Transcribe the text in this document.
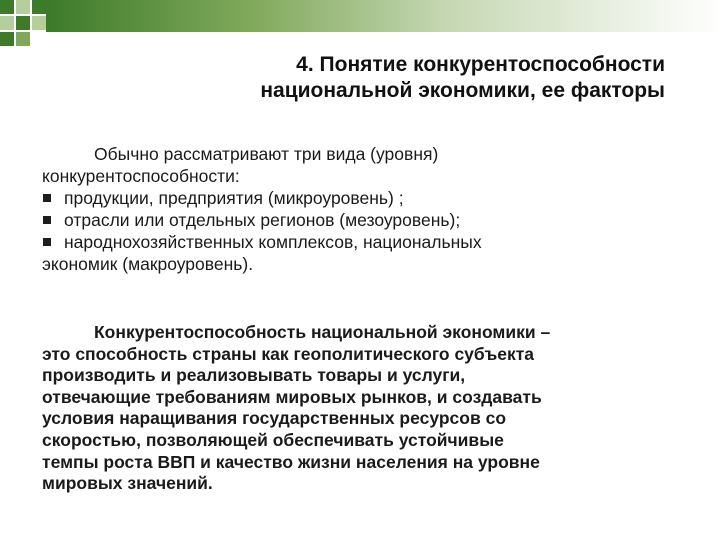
4. Понятие конкурентоспособности
национальной экономики, ее факторы
Обычно рассматривают три вида (уровня)
конкурентоспособности:
продукции, предприятия (микроуровень) ;
отрасли или отдельных регионов (мезоуровень);
народнохозяйственных комплексов, национальных
экономик (макроуровень).
Конкурентоспособность национальной экономики –
это способность страны как геополитического субъекта
производить и реализовывать товары и услуги,
отвечающие требованиям мировых рынков, и создавать
условия наращивания государственных ресурсов со
скоростью, позволяющей обеспечивать устойчивые
темпы роста ВВП и качество жизни населения на уровне
мировых значений.
